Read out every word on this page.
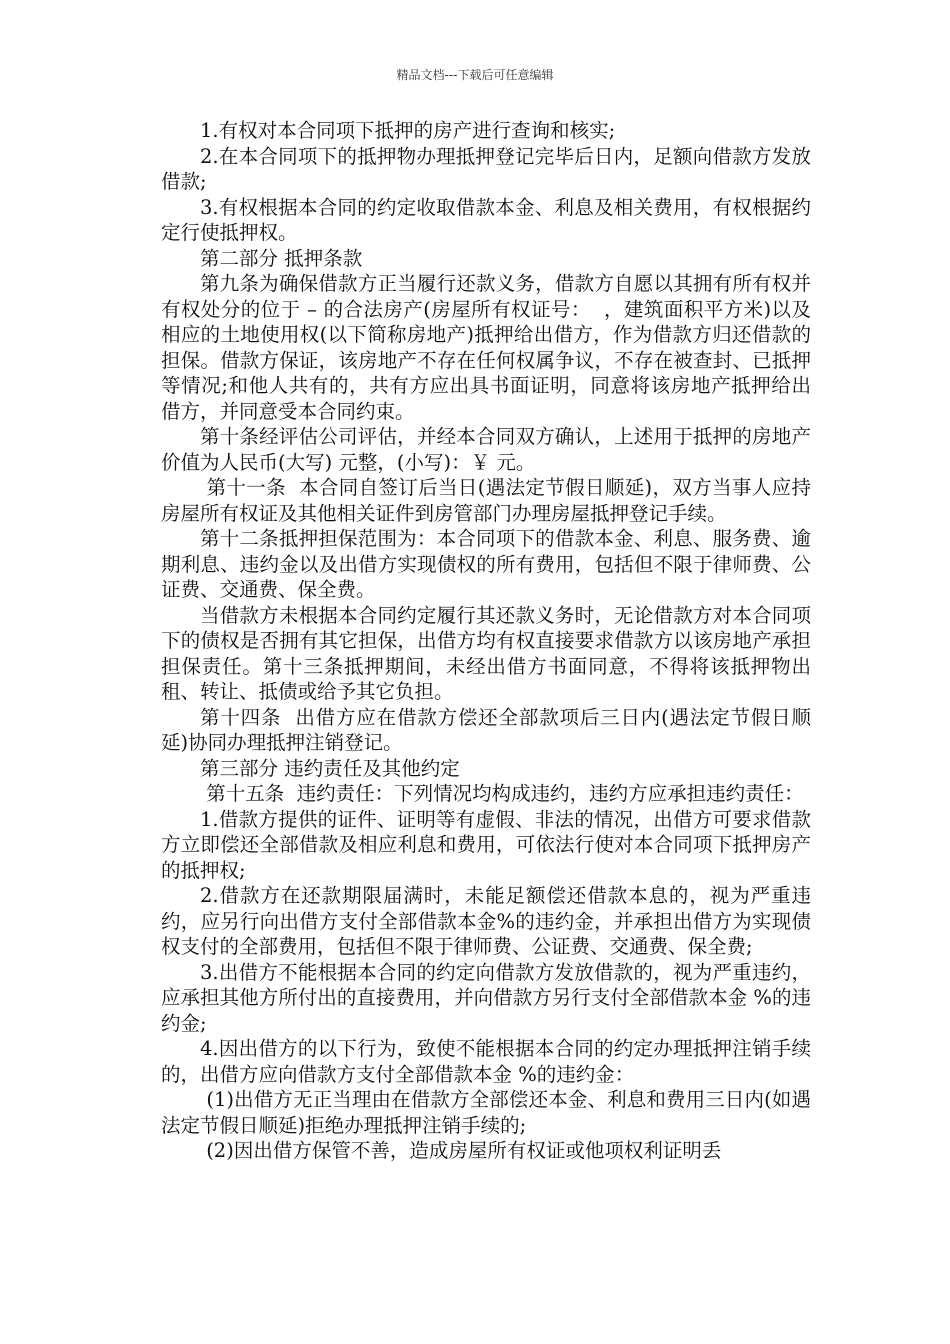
精品文档---下载后可任意编辑

1.有权对本合同项下抵押的房产进行查询和核实;

2.在本合同项下的抵押物办理抵押登记完毕后日内，足额向借款方发放借款;

3.有权根据本合同的约定收取借款本金、利息及相关费用，有权根据约定行使抵押权。

第二部分 抵押条款

第九条为确保借款方正当履行还款义务，借款方自愿以其拥有所有权并有权处分的位于 – 的合法房产(房屋所有权证号：  ，建筑面积平方米)以及相应的土地使用权(以下简称房地产)抵押给出借方，作为借款方归还借款的担保。借款方保证，该房地产不存在任何权属争议，不存在被查封、已抵押等情况;和他人共有的，共有方应出具书面证明，同意将该房地产抵押给出借方，并同意受本合同约束。

第十条经评估公司评估，并经本合同双方确认，上述用于抵押的房地产价值为人民币(大写) 元整，(小写)：￥ 元。

第十一条  本合同自签订后当日(遇法定节假日顺延)，双方当事人应持房屋所有权证及其他相关证件到房管部门办理房屋抵押登记手续。

第十二条抵押担保范围为：本合同项下的借款本金、利息、服务费、逾期利息、违约金以及出借方实现债权的所有费用，包括但不限于律师费、公证费、交通费、保全费。

当借款方未根据本合同约定履行其还款义务时，无论借款方对本合同项下的债权是否拥有其它担保，出借方均有权直接要求借款方以该房地产承担担保责任。第十三条抵押期间，未经出借方书面同意，不得将该抵押物出租、转让、抵债或给予其它负担。

第十四条  出借方应在借款方偿还全部款项后三日内(遇法定节假日顺延)协同办理抵押注销登记。

第三部分 违约责任及其他约定

第十五条  违约责任：下列情况均构成违约，违约方应承担违约责任：

1.借款方提供的证件、证明等有虚假、非法的情况，出借方可要求借款方立即偿还全部借款及相应利息和费用，可依法行使对本合同项下抵押房产的抵押权;

2.借款方在还款期限届满时，未能足额偿还借款本息的，视为严重违约，应另行向出借方支付全部借款本金%的违约金，并承担出借方为实现债权支付的全部费用，包括但不限于律师费、公证费、交通费、保全费;

3.出借方不能根据本合同的约定向借款方发放借款的，视为严重违约，应承担其他方所付出的直接费用，并向借款方另行支付全部借款本金 %的违约金;

4.因出借方的以下行为，致使不能根据本合同的约定办理抵押注销手续的，出借方应向借款方支付全部借款本金 %的违约金：

(1)出借方无正当理由在借款方全部偿还本金、利息和费用三日内(如遇法定节假日顺延)拒绝办理抵押注销手续的;

(2)因出借方保管不善，造成房屋所有权证或他项权利证明丢
